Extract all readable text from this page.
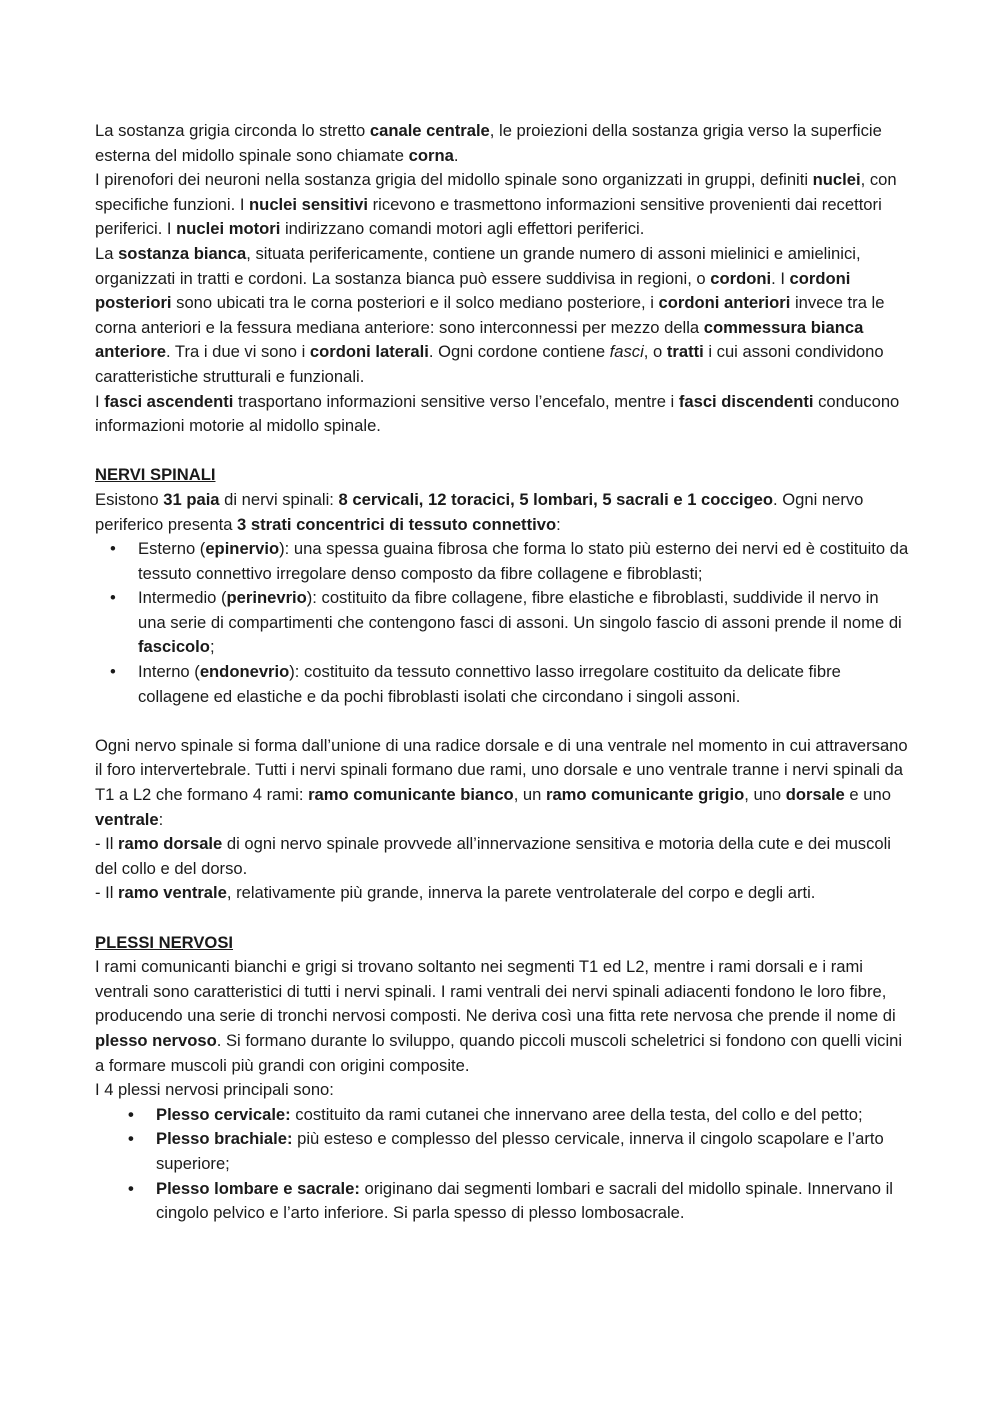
La sostanza grigia circonda lo stretto canale centrale, le proiezioni della sostanza grigia verso la superficie esterna del midollo spinale sono chiamate corna.

I pirenofori dei neuroni nella sostanza grigia del midollo spinale sono organizzati in gruppi, definiti nuclei, con specifiche funzioni. I nuclei sensitivi ricevono e trasmettono informazioni sensitive provenienti dai recettori periferici. I nuclei motori indirizzano comandi motori agli effettori periferici.

La sostanza bianca, situata perifericamente, contiene un grande numero di assoni mielinici e amielinici, organizzati in tratti e cordoni. La sostanza bianca può essere suddivisa in regioni, o cordoni. I cordoni posteriori sono ubicati tra le corna posteriori e il solco mediano posteriore, i cordoni anteriori invece tra le corna anteriori e la fessura mediana anteriore: sono interconnessi per mezzo della commessura bianca anteriore. Tra i due vi sono i cordoni laterali. Ogni cordone contiene fasci, o tratti i cui assoni condividono caratteristiche strutturali e funzionali.

I fasci ascendenti trasportano informazioni sensitive verso l’encefalo, mentre i fasci discendenti conducono informazioni motorie al midollo spinale.

NERVI SPINALI

Esistono 31 paia di nervi spinali: 8 cervicali, 12 toracici, 5 lombari, 5 sacrali e 1 coccigeo. Ogni nervo periferico presenta 3 strati concentrici di tessuto connettivo:

• Esterno (epinervio): una spessa guaina fibrosa che forma lo stato più esterno dei nervi ed è costituito da tessuto connettivo irregolare denso composto da fibre collagene e fibroblasti;
• Intermedio (perinevrio): costituito da fibre collagene, fibre elastiche e fibroblasti, suddivide il nervo in una serie di compartimenti che contengono fasci di assoni. Un singolo fascio di assoni prende il nome di fascicolo;
• Interno (endonevrio): costituito da tessuto connettivo lasso irregolare costituito da delicate fibre collagene ed elastiche e da pochi fibroblasti isolati che circondano i singoli assoni.

Ogni nervo spinale si forma dall’unione di una radice dorsale e di una ventrale nel momento in cui attraversano il foro intervertebrale. Tutti i nervi spinali formano due rami, uno dorsale e uno ventrale tranne i nervi spinali da T1 a L2 che formano 4 rami: ramo comunicante bianco, un ramo comunicante grigio, uno dorsale e uno ventrale:

- Il ramo dorsale di ogni nervo spinale provvede all’innervazione sensitiva e motoria della cute e dei muscoli del collo e del dorso.

- Il ramo ventrale, relativamente più grande, innerva la parete ventrolaterale del corpo e degli arti.

PLESSI NERVOSI

I rami comunicanti bianchi e grigi si trovano soltanto nei segmenti T1 ed L2, mentre i rami dorsali e i rami ventrali sono caratteristici di tutti i nervi spinali. I rami ventrali dei nervi spinali adiacenti fondono le loro fibre, producendo una serie di tronchi nervosi composti. Ne deriva così una fitta rete nervosa che prende il nome di plesso nervoso. Si formano durante lo sviluppo, quando piccoli muscoli scheletrici si fondono con quelli vicini a formare muscoli più grandi con origini composite.

I 4 plessi nervosi principali sono:

• Plesso cervicale: costituito da rami cutanei che innervano aree della testa, del collo e del petto;
• Plesso brachiale: più esteso e complesso del plesso cervicale, innerva il cingolo scapolare e l’arto superiore;
• Plesso lombare e sacrale: originano dai segmenti lombari e sacrali del midollo spinale. Innervano il cingolo pelvico e l’arto inferiore. Si parla spesso di plesso lombosacrale.
